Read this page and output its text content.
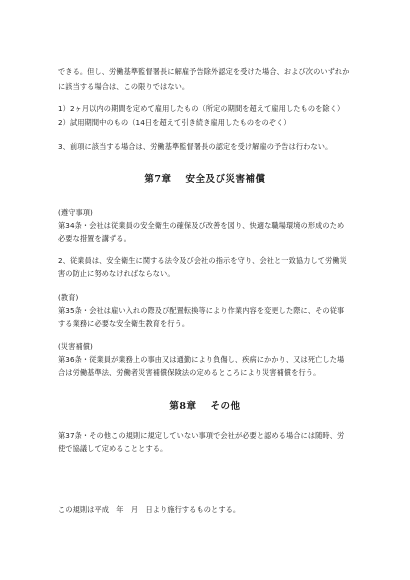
できる。但し、労働基準監督署長に解雇予告除外認定を受けた場合、および次のいずれか
に該当する場合は、この限りではない。
1）2ヶ月以内の期間を定めて雇用したもの（所定の期間を超えて雇用したものを除く）
2）試用期間中のもの（14日を超えて引き続き雇用したものをのぞく）
3、前項に該当する場合は、労働基準監督署長の認定を受け解雇の予告は行わない。
第7章 安全及び災害補償
(遵守事項)
第34条・会社は従業員の安全衛生の確保及び改善を図り、快適な職場環境の形成のため
必要な措置を講ずる。
2、従業員は、安全衛生に関する法令及び会社の指示を守り、会社と一致協力して労働災
害の防止に努めなければならない。
(教育)
第35条・会社は雇い入れの際及び配置転換等により作業内容を変更した際に、その従事
する業務に必要な安全衛生教育を行う。
(災害補償)
第36条・従業員が業務上の事由又は通勤により負傷し、疾病にかかり、又は死亡した場
合は労働基準法、労働者災害補償保険法の定めるところにより災害補償を行う。
第8章 その他
第37条・その他この規則に規定していない事項で会社が必要と認める場合には随時、労
使で協議して定めることとする。
この規則は平成　年　月　日より施行するものとする。
